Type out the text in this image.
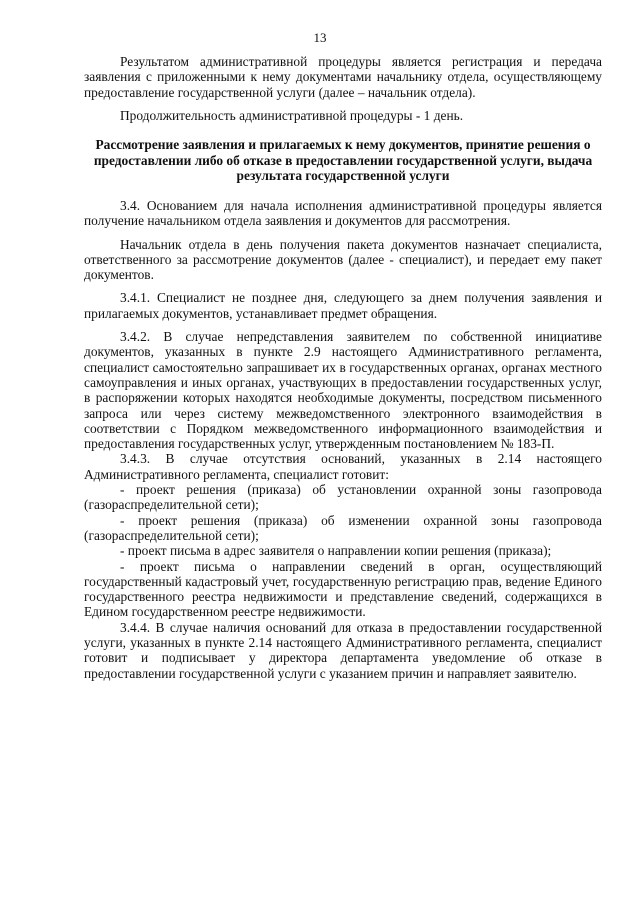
13

Результатом административной процедуры является регистрация и передача заявления с приложенными к нему документами начальнику отдела, осуществляющему предоставление государственной услуги (далее – начальник отдела).

Продолжительность административной процедуры - 1 день.

Рассмотрение заявления и прилагаемых к нему документов, принятие решения о предоставлении либо об отказе в предоставлении государственной услуги, выдача результата государственной услуги

3.4. Основанием для начала исполнения административной процедуры является получение начальником отдела заявления и документов для рассмотрения.

Начальник отдела в день получения пакета документов назначает специалиста, ответственного за рассмотрение документов (далее - специалист), и передает ему пакет документов.

3.4.1. Специалист не позднее дня, следующего за днем получения заявления и прилагаемых документов, устанавливает предмет обращения.

3.4.2. В случае непредставления заявителем по собственной инициативе документов, указанных в пункте 2.9 настоящего Административного регламента, специалист самостоятельно запрашивает их в государственных органах, органах местного самоуправления и иных органах, участвующих в предоставлении государственных услуг, в распоряжении которых находятся необходимые документы, посредством письменного запроса или через систему межведомственного электронного взаимодействия в соответствии с Порядком межведомственного информационного взаимодействия и предоставления государственных услуг, утвержденным постановлением № 183-П.

3.4.3. В случае отсутствия оснований, указанных в 2.14 настоящего Административного регламента, специалист готовит:

- проект решения (приказа) об установлении охранной зоны газопровода (газораспределительной сети);

- проект решения (приказа) об изменении охранной зоны газопровода (газораспределительной сети);

- проект письма в адрес заявителя о направлении копии решения (приказа);

- проект письма о направлении сведений в орган, осуществляющий государственный кадастровый учет, государственную регистрацию прав, ведение Единого государственного реестра недвижимости и представление сведений, содержащихся в Едином государственном реестре недвижимости.

3.4.4. В случае наличия оснований для отказа в предоставлении государственной услуги, указанных в пункте 2.14 настоящего Административного регламента, специалист готовит и подписывает у директора департамента уведомление об отказе в предоставлении государственной услуги с указанием причин и направляет заявителю.
